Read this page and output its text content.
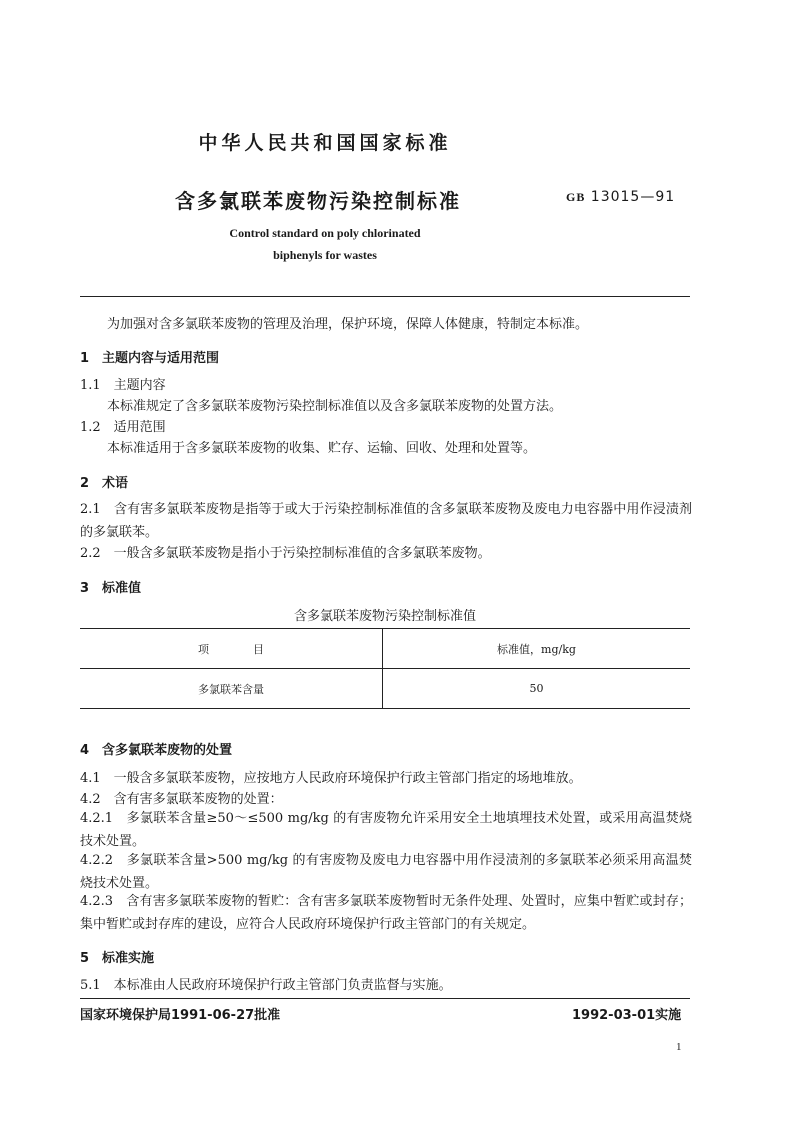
中华人民共和国国家标准
含多氯联苯废物污染控制标准	GB 13015—91
Control standard on poly chlorinated
biphenyls for wastes
为加强对含多氯联苯废物的管理及治理，保护环境，保障人体健康，特制定本标准。
1　主题内容与适用范围
1.1　主题内容
本标准规定了含多氯联苯废物污染控制标准值以及含多氯联苯废物的处置方法。
1.2　适用范围
本标准适用于含多氯联苯废物的收集、贮存、运输、回收、处理和处置等。
2　术语
2.1　含有害多氯联苯废物是指等于或大于污染控制标准值的含多氯联苯废物及废电力电容器中用作浸渍剂的多氯联苯。
2.2　一般含多氯联苯废物是指小于污染控制标准值的含多氯联苯废物。
3　标准值
含多氯联苯废物污染控制标准值
项　　　　目	标准值，mg/kg
多氯联苯含量	50
4　含多氯联苯废物的处置
4.1　一般含多氯联苯废物，应按地方人民政府环境保护行政主管部门指定的场地堆放。
4.2　含有害多氯联苯废物的处置：
4.2.1　多氯联苯含量≥50～≤500 mg/kg 的有害废物允许采用安全土地填埋技术处置，或采用高温焚烧技术处置。
4.2.2　多氯联苯含量>500 mg/kg 的有害废物及废电力电容器中用作浸渍剂的多氯联苯必须采用高温焚烧技术处置。
4.2.3　含有害多氯联苯废物的暂贮：含有害多氯联苯废物暂时无条件处理、处置时，应集中暂贮或封存；集中暂贮或封存库的建设，应符合人民政府环境保护行政主管部门的有关规定。
5　标准实施
5.1　本标准由人民政府环境保护行政主管部门负责监督与实施。
国家环境保护局1991-06-27批准	1992-03-01实施
1
